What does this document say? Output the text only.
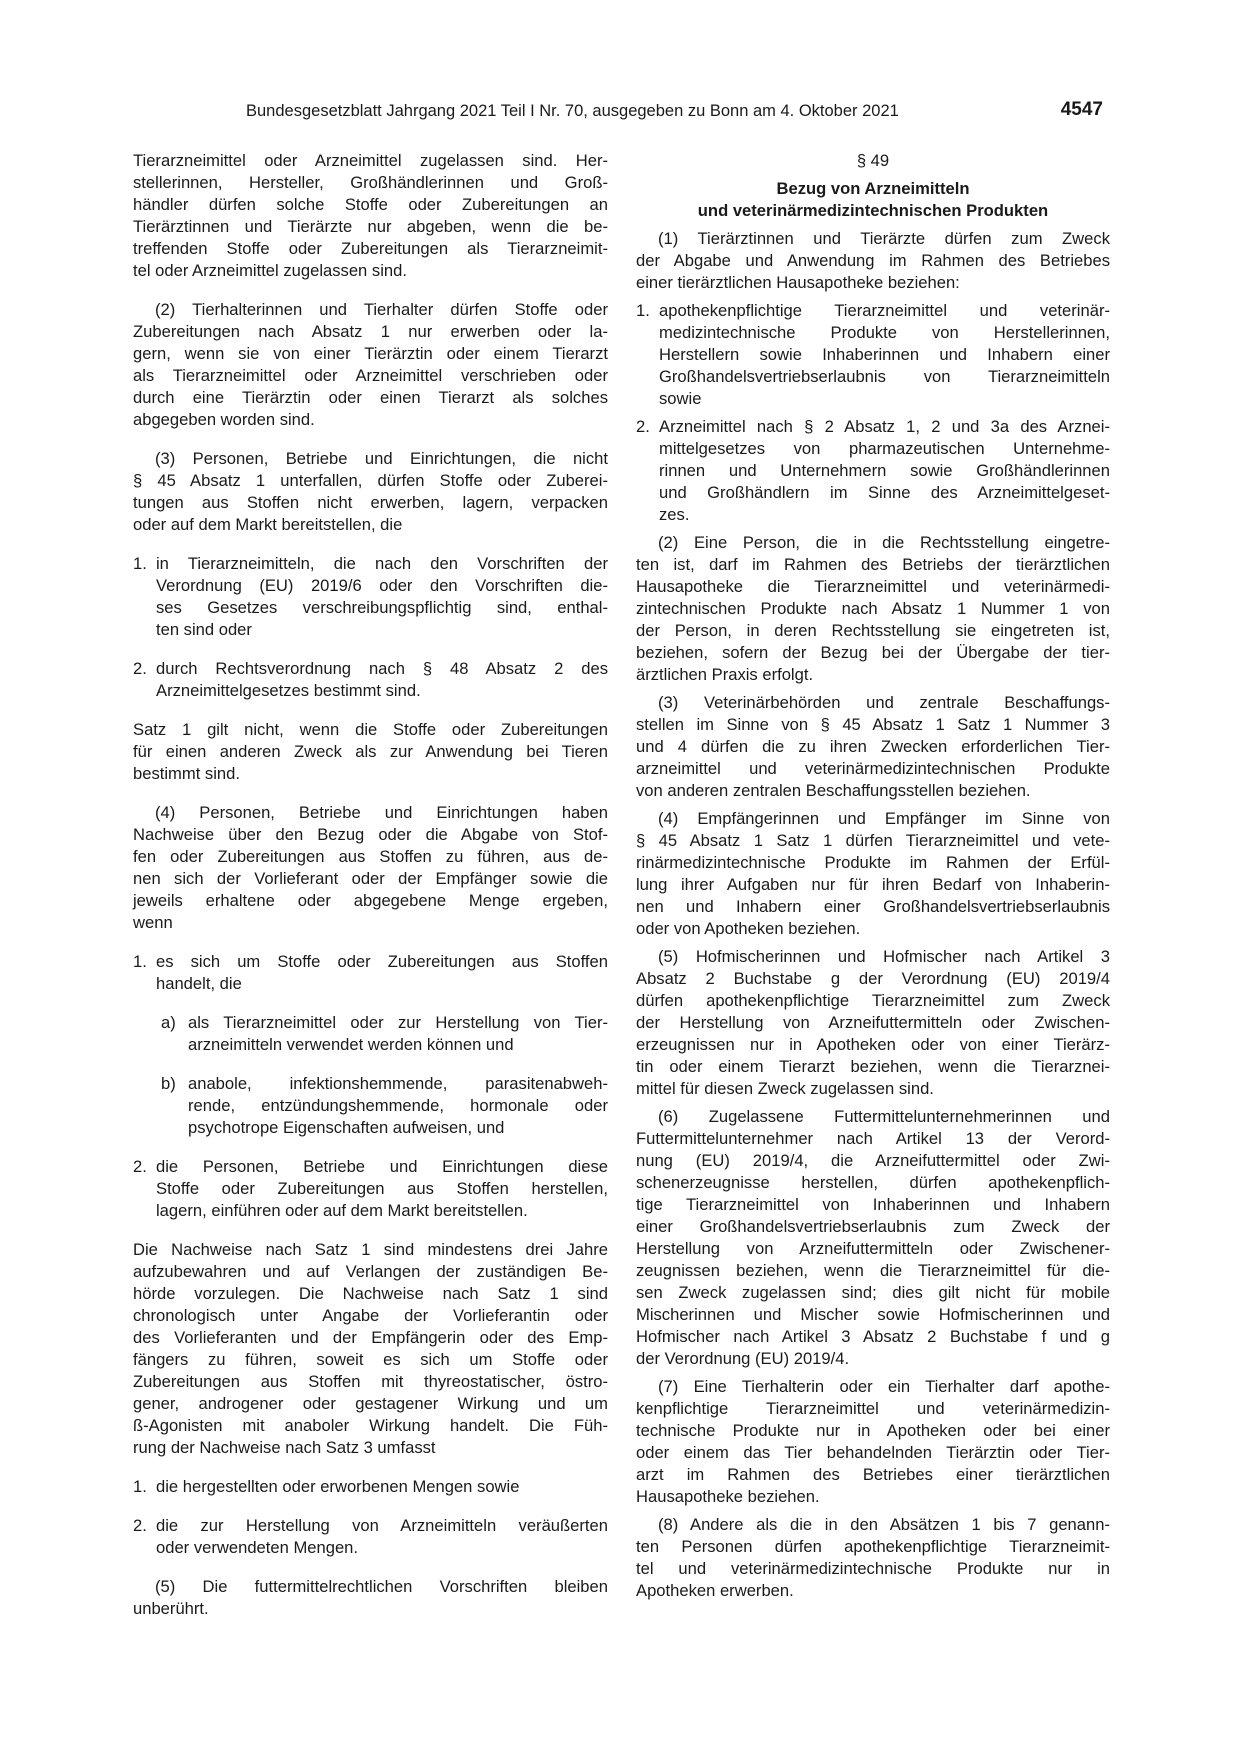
Bundesgesetzblatt Jahrgang 2021 Teil I Nr. 70, ausgegeben zu Bonn am 4. Oktober 2021	4547
Tierarzneimittel oder Arzneimittel zugelassen sind. Her-
stellerinnen, Hersteller, Großhändlerinnen und Groß-
händler dürfen solche Stoffe oder Zubereitungen an
Tierärztinnen und Tierärzte nur abgeben, wenn die be-
treffenden Stoffe oder Zubereitungen als Tierarzneimit-
tel oder Arzneimittel zugelassen sind.
(2) Tierhalterinnen und Tierhalter dürfen Stoffe oder
Zubereitungen nach Absatz 1 nur erwerben oder la-
gern, wenn sie von einer Tierärztin oder einem Tierarzt
als Tierarzneimittel oder Arzneimittel verschrieben oder
durch eine Tierärztin oder einen Tierarzt als solches
abgegeben worden sind.
(3) Personen, Betriebe und Einrichtungen, die nicht
§ 45 Absatz 1 unterfallen, dürfen Stoffe oder Zuberei-
tungen aus Stoffen nicht erwerben, lagern, verpacken
oder auf dem Markt bereitstellen, die
1. in Tierarzneimitteln, die nach den Vorschriften der
Verordnung (EU) 2019/6 oder den Vorschriften die-
ses Gesetzes verschreibungspflichtig sind, enthal-
ten sind oder
2. durch Rechtsverordnung nach § 48 Absatz 2 des
Arzneimittelgesetzes bestimmt sind.
Satz 1 gilt nicht, wenn die Stoffe oder Zubereitungen
für einen anderen Zweck als zur Anwendung bei Tieren
bestimmt sind.
(4) Personen, Betriebe und Einrichtungen haben
Nachweise über den Bezug oder die Abgabe von Stof-
fen oder Zubereitungen aus Stoffen zu führen, aus de-
nen sich der Vorlieferant oder der Empfänger sowie die
jeweils erhaltene oder abgegebene Menge ergeben,
wenn
1. es sich um Stoffe oder Zubereitungen aus Stoffen
handelt, die
a) als Tierarzneimittel oder zur Herstellung von Tier-
arzneimitteln verwendet werden können und
b) anabole, infektionshemmende, parasitenabweh-
rende, entzündungshemmende, hormonale oder
psychotrope Eigenschaften aufweisen, und
2. die Personen, Betriebe und Einrichtungen diese
Stoffe oder Zubereitungen aus Stoffen herstellen,
lagern, einführen oder auf dem Markt bereitstellen.
Die Nachweise nach Satz 1 sind mindestens drei Jahre
aufzubewahren und auf Verlangen der zuständigen Be-
hörde vorzulegen. Die Nachweise nach Satz 1 sind
chronologisch unter Angabe der Vorlieferantin oder
des Vorlieferanten und der Empfängerin oder des Emp-
fängers zu führen, soweit es sich um Stoffe oder
Zubereitungen aus Stoffen mit thyreostatischer, östro-
gener, androgener oder gestagener Wirkung und um
ß-Agonisten mit anaboler Wirkung handelt. Die Füh-
rung der Nachweise nach Satz 3 umfasst
1. die hergestellten oder erworbenen Mengen sowie
2. die zur Herstellung von Arzneimitteln veräußerten
oder verwendeten Mengen.
(5) Die futtermittelrechtlichen Vorschriften bleiben
unberührt.
§ 49
Bezug von Arzneimitteln
und veterinärmedizintechnischen Produkten
(1) Tierärztinnen und Tierärzte dürfen zum Zweck
der Abgabe und Anwendung im Rahmen des Betriebes
einer tierärztlichen Hausapotheke beziehen:
1. apothekenpflichtige Tierarzneimittel und veterinär-
medizintechnische Produkte von Herstellerinnen,
Herstellern sowie Inhaberinnen und Inhabern einer
Großhandelsvertriebserlaubnis von Tierarzneimitteln
sowie
2. Arzneimittel nach § 2 Absatz 1, 2 und 3a des Arznei-
mittelgesetzes von pharmazeutischen Unternehme-
rinnen und Unternehmern sowie Großhändlerinnen
und Großhändlern im Sinne des Arzneimittelgeset-
zes.
(2) Eine Person, die in die Rechtsstellung eingetre-
ten ist, darf im Rahmen des Betriebs der tierärztlichen
Hausapotheke die Tierarzneimittel und veterinärmedi-
zintechnischen Produkte nach Absatz 1 Nummer 1 von
der Person, in deren Rechtsstellung sie eingetreten ist,
beziehen, sofern der Bezug bei der Übergabe der tier-
ärztlichen Praxis erfolgt.
(3) Veterinärbehörden und zentrale Beschaffungs-
stellen im Sinne von § 45 Absatz 1 Satz 1 Nummer 3
und 4 dürfen die zu ihren Zwecken erforderlichen Tier-
arzneimittel und veterinärmedizintechnischen Produkte
von anderen zentralen Beschaffungsstellen beziehen.
(4) Empfängerinnen und Empfänger im Sinne von
§ 45 Absatz 1 Satz 1 dürfen Tierarzneimittel und vete-
rinärmedizintechnische Produkte im Rahmen der Erfül-
lung ihrer Aufgaben nur für ihren Bedarf von Inhaberin-
nen und Inhabern einer Großhandelsvertriebserlaubnis
oder von Apotheken beziehen.
(5) Hofmischerinnen und Hofmischer nach Artikel 3
Absatz 2 Buchstabe g der Verordnung (EU) 2019/4
dürfen apothekenpflichtige Tierarzneimittel zum Zweck
der Herstellung von Arzneifuttermitteln oder Zwischen-
erzeugnissen nur in Apotheken oder von einer Tierärz-
tin oder einem Tierarzt beziehen, wenn die Tierarznei-
mittel für diesen Zweck zugelassen sind.
(6) Zugelassene Futtermittelunternehmerinnen und
Futtermittelunternehmer nach Artikel 13 der Verord-
nung (EU) 2019/4, die Arzneifuttermittel oder Zwi-
schenerzeugnisse herstellen, dürfen apothekenpflich-
tige Tierarzneimittel von Inhaberinnen und Inhabern
einer Großhandelsvertriebserlaubnis zum Zweck der
Herstellung von Arzneifuttermitteln oder Zwischener-
zeugnissen beziehen, wenn die Tierarzneimittel für die-
sen Zweck zugelassen sind; dies gilt nicht für mobile
Mischerinnen und Mischer sowie Hofmischerinnen und
Hofmischer nach Artikel 3 Absatz 2 Buchstabe f und g
der Verordnung (EU) 2019/4.
(7) Eine Tierhalterin oder ein Tierhalter darf apothe-
kenpflichtige Tierarzneimittel und veterinärmedizin-
technische Produkte nur in Apotheken oder bei einer
oder einem das Tier behandelnden Tierärztin oder Tier-
arzt im Rahmen des Betriebes einer tierärztlichen
Hausapotheke beziehen.
(8) Andere als die in den Absätzen 1 bis 7 genann-
ten Personen dürfen apothekenpflichtige Tierarzneimit-
tel und veterinärmedizintechnische Produkte nur in
Apotheken erwerben.
